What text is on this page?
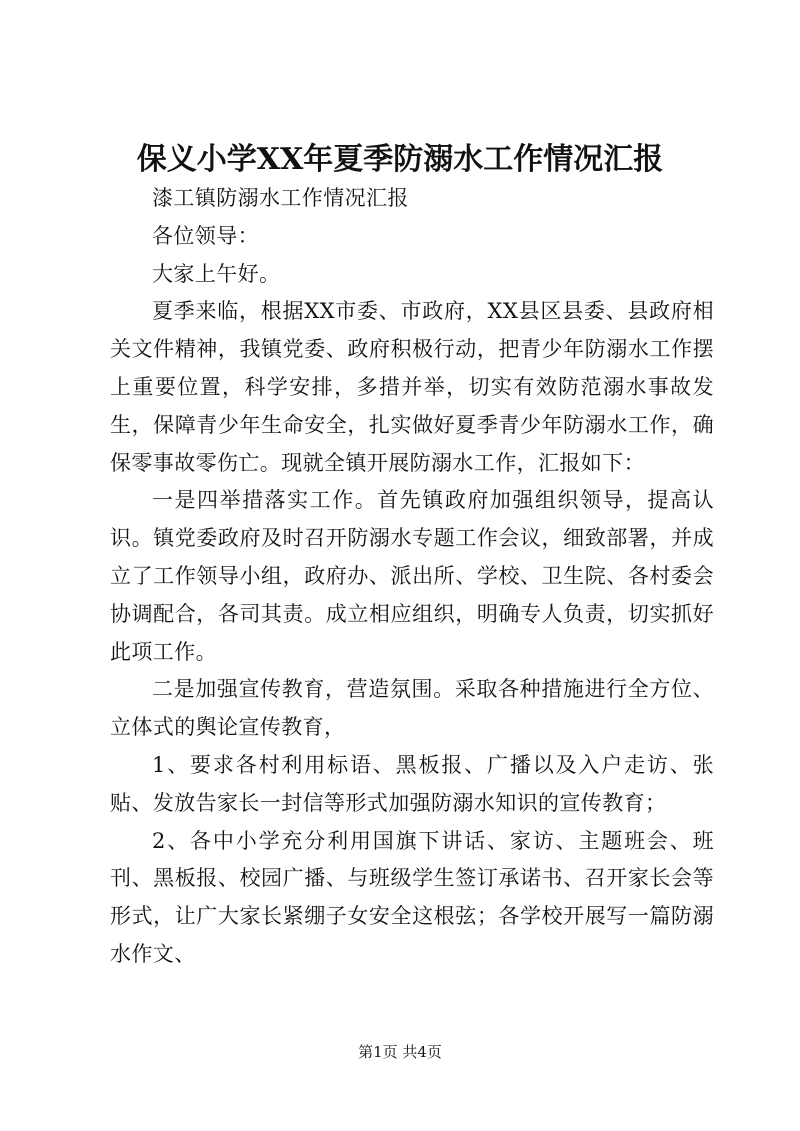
保义小学XX年夏季防溺水工作情况汇报

漆工镇防溺水工作情况汇报

各位领导：

大家上午好。

夏季来临，根据XX市委、市政府，XX县区县委、县政府相关文件精神，我镇党委、政府积极行动，把青少年防溺水工作摆上重要位置，科学安排，多措并举，切实有效防范溺水事故发生，保障青少年生命安全，扎实做好夏季青少年防溺水工作，确保零事故零伤亡。现就全镇开展防溺水工作，汇报如下：

一是四举措落实工作。首先镇政府加强组织领导，提高认识。镇党委政府及时召开防溺水专题工作会议，细致部署，并成立了工作领导小组，政府办、派出所、学校、卫生院、各村委会协调配合，各司其责。成立相应组织，明确专人负责，切实抓好此项工作。

二是加强宣传教育，营造氛围。采取各种措施进行全方位、立体式的舆论宣传教育，

1、要求各村利用标语、黑板报、广播以及入户走访、张贴、发放告家长一封信等形式加强防溺水知识的宣传教育；

2、各中小学充分利用国旗下讲话、家访、主题班会、班刊、黑板报、校园广播、与班级学生签订承诺书、召开家长会等形式，让广大家长紧绷子女安全这根弦；各学校开展写一篇防溺水作文、

第1页 共4页
